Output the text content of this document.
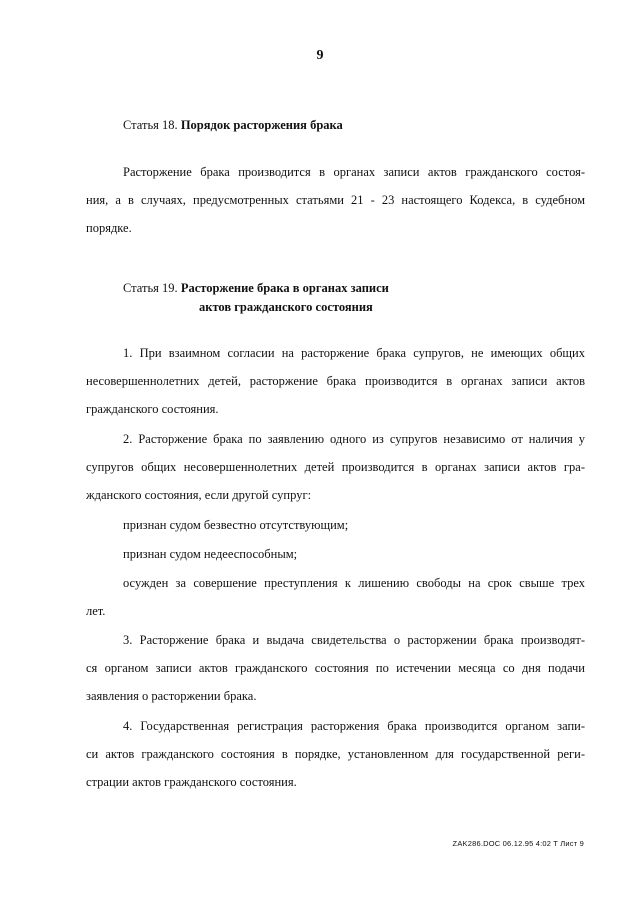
9
Статья 18. Порядок расторжения брака
Расторжение брака производится в органах записи актов гражданского состоя-
ния, а в случаях, предусмотренных статьями 21 - 23 настоящего Кодекса, в судебном
порядке.
Статья 19. Расторжение брака в органах записи
актов гражданского состояния
1. При взаимном согласии на расторжение брака супругов, не имеющих общих
несовершеннолетних детей, расторжение брака производится в органах записи актов
гражданского состояния.
2. Расторжение брака по заявлению одного из супругов независимо от наличия у
супругов общих несовершеннолетних детей производится в органах записи актов гра-
жданского состояния, если другой супруг:
признан судом безвестно отсутствующим;
признан судом недееспособным;
осужден за совершение преступления к лишению свободы на срок свыше трех
лет.
3. Расторжение брака и выдача свидетельства о расторжении брака производят-
ся органом записи актов гражданского состояния по истечении месяца со дня подачи
заявления о расторжении брака.
4. Государственная регистрация расторжения брака производится органом запи-
си актов гражданского состояния в порядке, установленном для государственной реги-
страции актов гражданского состояния.
ZAK286.DOC 06.12.95 4:02 T Лист 9
